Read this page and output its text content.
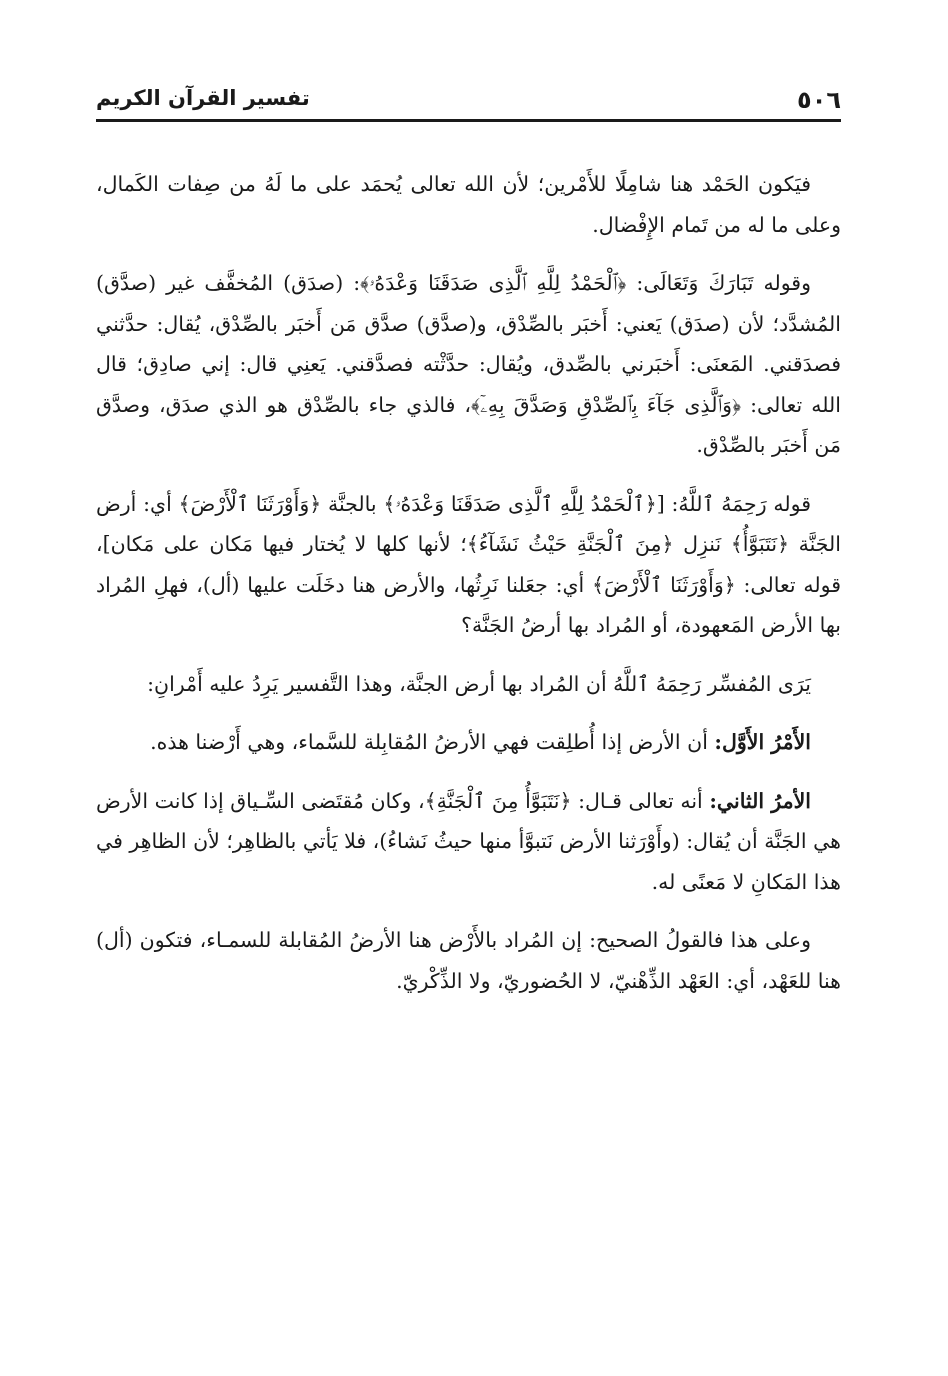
٥٠٦
تفسير القرآن الكريم

فيَكون الحَمْد هنا شامِلًا للأَمْرين؛ لأن الله تعالى يُحمَد على ما لَهُ من صِفات الكَمال، وعلى ما له من تَمام الإِفْضال.

وقوله تَبَارَكَ وَتَعَالَى: ﴿ٱلْحَمْدُ لِلَّهِ ٱلَّذِى صَدَقَنَا وَعْدَهُۥ﴾: (صدَق) المُخفَّف غير (صدَّق) المُشدَّد؛ لأن (صدَق) يَعني: أَخبَر بالصِّدْق، و(صدَّق) صدَّق مَن أَخبَر بالصِّدْق، يُقال: حدَّثني فصدَقني. المَعنَى: أَخبَرني بالصِّدق، ويُقال: حدَّثْته فصدَّقني. يَعنِي قال: إني صادِق؛ قال الله تعالى: ﴿وَٱلَّذِى جَآءَ بِٱلصِّدْقِ وَصَدَّقَ بِهِۦٓ﴾، فالذي جاء بالصِّدْق هو الذي صدَق، وصدَّق مَن أَخبَر بالصِّدْق.

قوله رَحِمَهُ ٱللَّهُ: [﴿ٱلْحَمْدُ لِلَّهِ ٱلَّذِى صَدَقَنَا وَعْدَهُۥ﴾ بالجنَّة ﴿وَأَوْرَثَنَا ٱلْأَرْضَ﴾ أي: أرض الجَنَّة ﴿نَتَبَوَّأُ﴾ نَنزِل ﴿مِنَ ٱلْجَنَّةِ حَيْثُ نَشَآءُ﴾؛ لأنها كلها لا يُختار فيها مَكان على مَكان]، قوله تعالى: ﴿وَأَوْرَثَنَا ٱلْأَرْضَ﴾ أي: جعَلنا نَرِثُها، والأرض هنا دخَلَت عليها (أل)، فهلِ المُراد بها الأرض المَعهودة، أو المُراد بها أرضُ الجَنَّة؟

يَرَى المُفسِّر رَحِمَهُ ٱللَّهُ أن المُراد بها أرض الجنَّة، وهذا التَّفسير يَرِدُ عليه أَمْرانِ:

الأَمْرُ الأَوَّل: أن الأرض إذا أُطلِقت فهي الأرضُ المُقابِلة للسَّماء، وهي أَرْضنا هذه.

الأمرُ الثاني: أنه تعالى قـال: ﴿نَتَبَوَّأُ مِنَ ٱلْجَنَّةِ﴾، وكان مُقتَضى السِّـياق إذا كانت الأرض هي الجَنَّة أن يُقال: (وأَوْرَثنا الأرض نَتبوَّأ منها حيثُ نَشاءُ)، فلا يَأتي بالظاهِر؛ لأن الظاهِر في هذا المَكانِ لا مَعنًى له.

وعلى هذا فالقولُ الصحيح: إن المُراد بالأَرْض هنا الأرضُ المُقابلة للسمـاء، فتكون (أل) هنا للعَهْد، أي: العَهْد الذِّهْنيّ، لا الحُضوريّ، ولا الذِّكْريّ.
